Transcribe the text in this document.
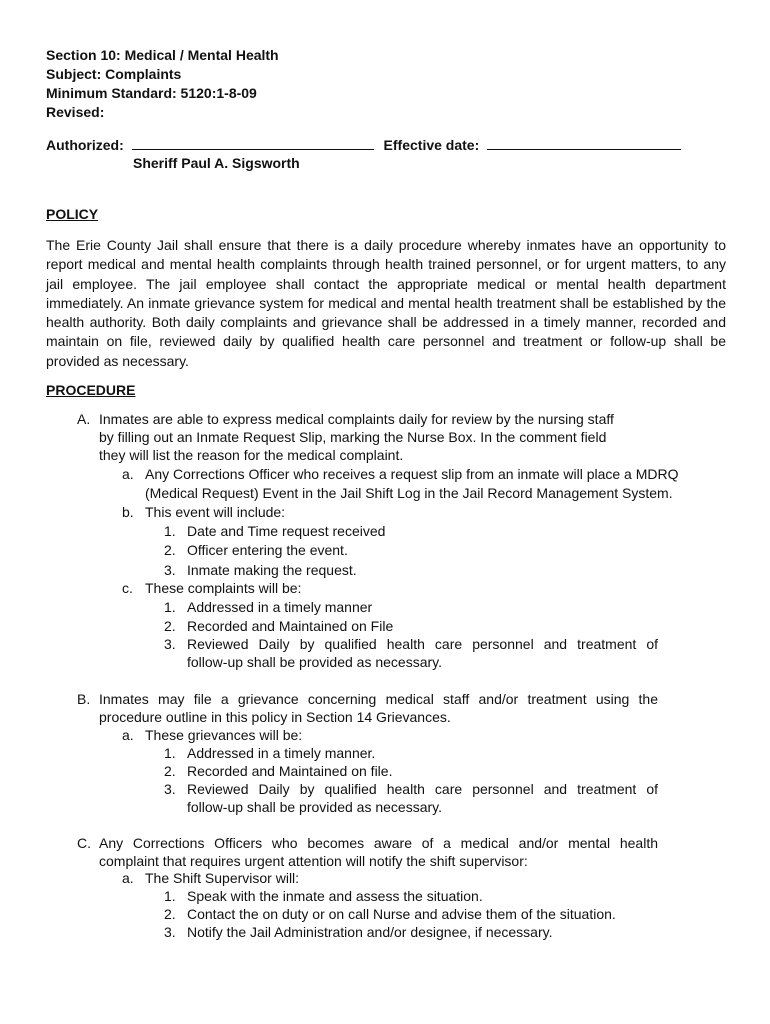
Section 10: Medical / Mental Health
Subject: Complaints
Minimum Standard: 5120:1-8-09
Revised:
Authorized:	Effective date:
Sheriff Paul A. Sigsworth
POLICY
The Erie County Jail shall ensure that there is a daily procedure whereby inmates have an opportunity to report medical and mental health complaints through health trained personnel, or for urgent matters, to any jail employee. The jail employee shall contact the appropriate medical or mental health department immediately. An inmate grievance system for medical and mental health treatment shall be established by the health authority. Both daily complaints and grievance shall be addressed in a timely manner, recorded and maintain on file, reviewed daily by qualified health care personnel and treatment or follow-up shall be provided as necessary.
PROCEDURE
A. Inmates are able to express medical complaints daily for review by the nursing staff
by filling out an Inmate Request Slip, marking the Nurse Box. In the comment field
they will list the reason for the medical complaint.
a. Any Corrections Officer who receives a request slip from an inmate will place a MDRQ
(Medical Request) Event in the Jail Shift Log in the Jail Record Management System.
b. This event will include:
1. Date and Time request received
2. Officer entering the event.
3. Inmate making the request.
c. These complaints will be:
1. Addressed in a timely manner
2. Recorded and Maintained on File
3. Reviewed Daily by qualified health care personnel and treatment of
follow-up shall be provided as necessary.
B. Inmates may file a grievance concerning medical staff and/or treatment using the
procedure outline in this policy in Section 14 Grievances.
a. These grievances will be:
1. Addressed in a timely manner.
2. Recorded and Maintained on file.
3. Reviewed Daily by qualified health care personnel and treatment of
follow-up shall be provided as necessary.
C. Any Corrections Officers who becomes aware of a medical and/or mental health
complaint that requires urgent attention will notify the shift supervisor:
a. The Shift Supervisor will:
1. Speak with the inmate and assess the situation.
2. Contact the on duty or on call Nurse and advise them of the situation.
3. Notify the Jail Administration and/or designee, if necessary.
